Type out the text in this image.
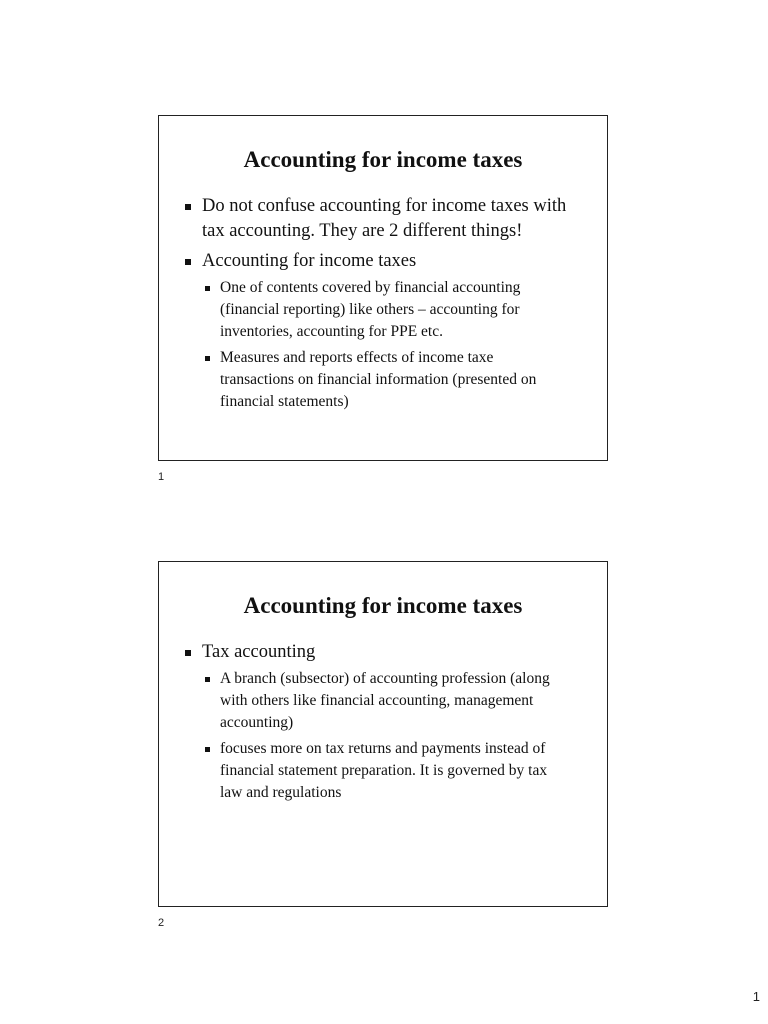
Accounting for income taxes
Do not confuse accounting for income taxes with tax accounting. They are 2 different things!
Accounting for income taxes
One of contents covered by financial accounting (financial reporting) like others – accounting for inventories, accounting for PPE etc.
Measures and reports effects of income taxe transactions on financial information (presented on financial statements)
1
Accounting for income taxes
Tax accounting
A branch (subsector) of accounting profession (along with others like financial accounting, management accounting)
focuses more on tax returns and payments instead of financial statement preparation. It is governed by tax law and regulations
2
1
